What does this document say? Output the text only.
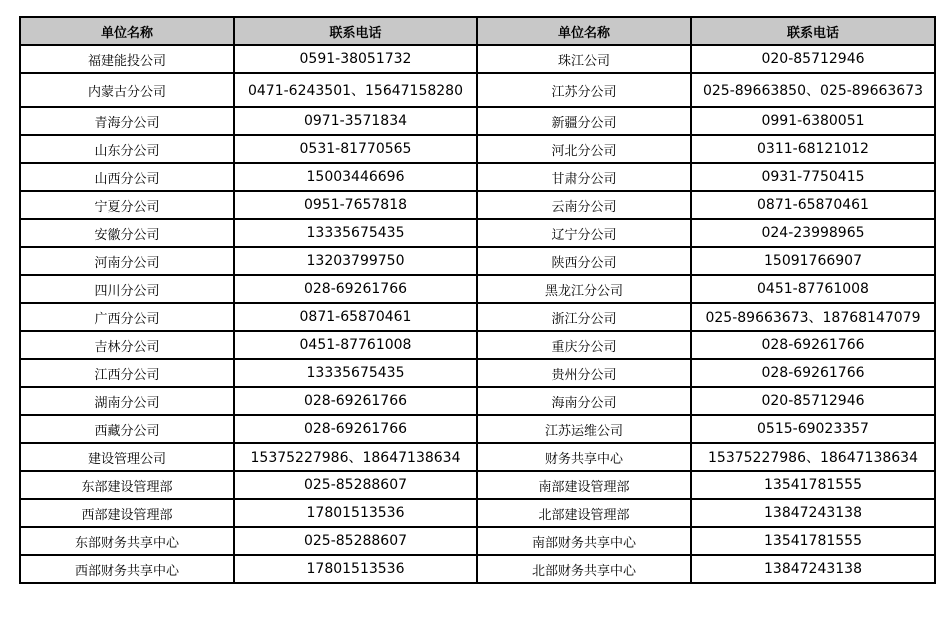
单位名称	联系电话	单位名称	联系电话
福建能投公司	0591-38051732	珠江公司	020-85712946
内蒙古分公司	0471-6243501、15647158280	江苏分公司	025-89663850、025-89663673
青海分公司	0971-3571834	新疆分公司	0991-6380051
山东分公司	0531-81770565	河北分公司	0311-68121012
山西分公司	15003446696	甘肃分公司	0931-7750415
宁夏分公司	0951-7657818	云南分公司	0871-65870461
安徽分公司	13335675435	辽宁分公司	024-23998965
河南分公司	13203799750	陕西分公司	15091766907
四川分公司	028-69261766	黑龙江分公司	0451-87761008
广西分公司	0871-65870461	浙江分公司	025-89663673、18768147079
吉林分公司	0451-87761008	重庆分公司	028-69261766
江西分公司	13335675435	贵州分公司	028-69261766
湖南分公司	028-69261766	海南分公司	020-85712946
西藏分公司	028-69261766	江苏运维公司	0515-69023357
建设管理公司	15375227986、18647138634	财务共享中心	15375227986、18647138634
东部建设管理部	025-85288607	南部建设管理部	13541781555
西部建设管理部	17801513536	北部建设管理部	13847243138
东部财务共享中心	025-85288607	南部财务共享中心	13541781555
西部财务共享中心	17801513536	北部财务共享中心	13847243138
